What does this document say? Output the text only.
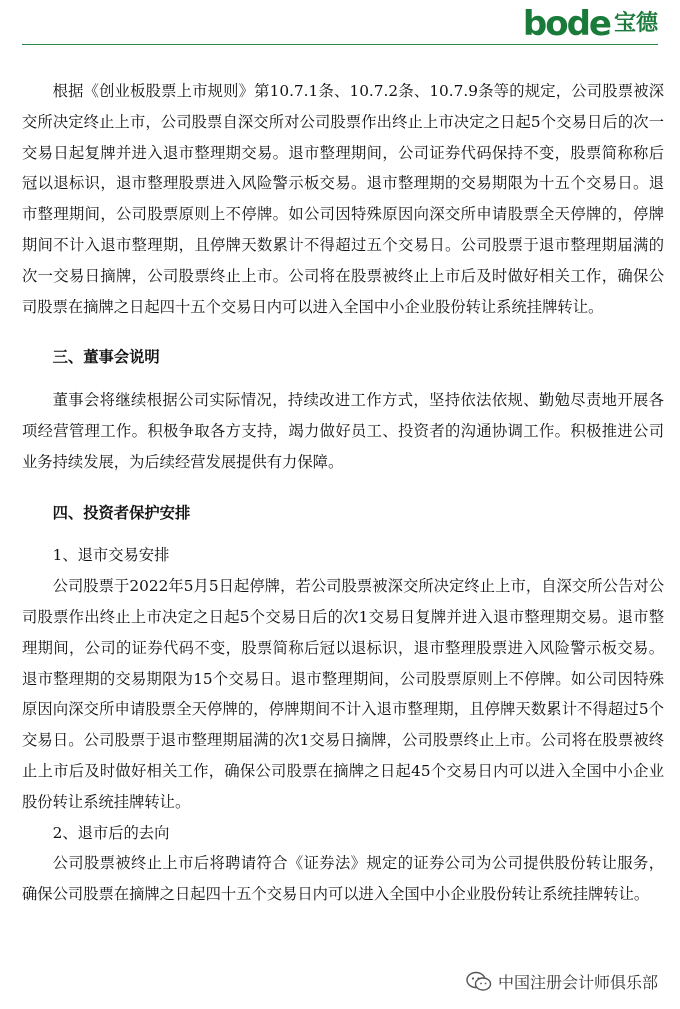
bode 宝德

根据《创业板股票上市规则》第10.7.1条、10.7.2条、10.7.9条等的规定，公司股票被深交所决定终止上市，公司股票自深交所对公司股票作出终止上市决定之日起5个交易日后的次一交易日起复牌并进入退市整理期交易。退市整理期间，公司证券代码保持不变，股票简称称后冠以退标识，退市整理股票进入风险警示板交易。退市整理期的交易期限为十五个交易日。退市整理期间，公司股票原则上不停牌。如公司因特殊原因向深交所申请股票全天停牌的，停牌期间不计入退市整理期，且停牌天数累计不得超过五个交易日。公司股票于退市整理期届满的次一交易日摘牌，公司股票终止上市。公司将在股票被终止上市后及时做好相关工作，确保公司股票在摘牌之日起四十五个交易日内可以进入全国中小企业股份转让系统挂牌转让。

三、董事会说明

董事会将继续根据公司实际情况，持续改进工作方式，坚持依法依规、勤勉尽责地开展各项经营管理工作。积极争取各方支持，竭力做好员工、投资者的沟通协调工作。积极推进公司业务持续发展，为后续经营发展提供有力保障。

四、投资者保护安排

1、退市交易安排

公司股票于2022年5月5日起停牌，若公司股票被深交所决定终止上市，自深交所公告对公司股票作出终止上市决定之日起5个交易日后的次1交易日复牌并进入退市整理期交易。退市整理期间，公司的证券代码不变，股票简称后冠以退标识，退市整理股票进入风险警示板交易。退市整理期的交易期限为15个交易日。退市整理期间，公司股票原则上不停牌。如公司因特殊原因向深交所申请股票全天停牌的，停牌期间不计入退市整理期，且停牌天数累计不得超过5个交易日。公司股票于退市整理期届满的次1交易日摘牌，公司股票终止上市。公司将在股票被终止上市后及时做好相关工作，确保公司股票在摘牌之日起45个交易日内可以进入全国中小企业股份转让系统挂牌转让。

2、退市后的去向

公司股票被终止上市后将聘请符合《证券法》规定的证券公司为公司提供股份转让服务，确保公司股票在摘牌之日起四十五个交易日内可以进入全国中小企业股份转让系统挂牌转让。

中国注册会计师俱乐部
